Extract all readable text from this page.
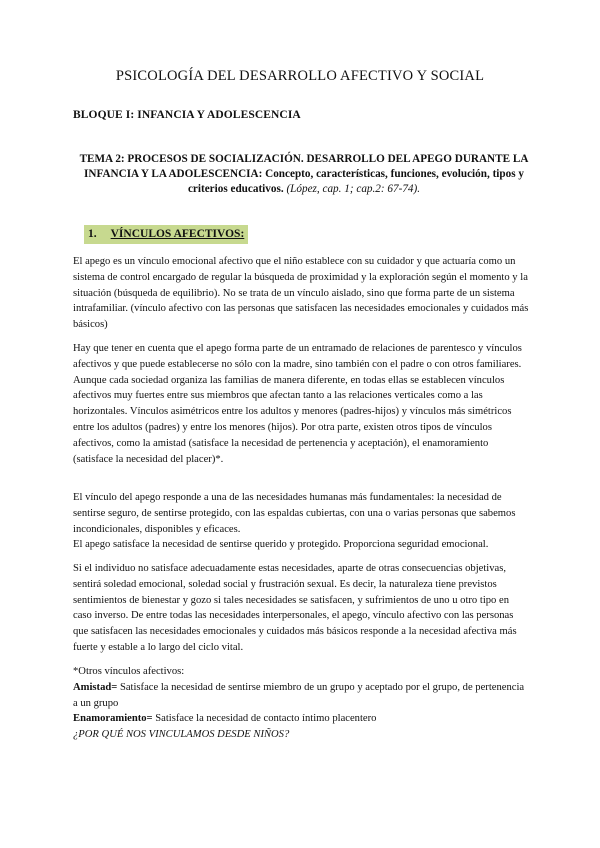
PSICOLOGÍA DEL DESARROLLO AFECTIVO Y SOCIAL
BLOQUE I: INFANCIA Y ADOLESCENCIA
TEMA 2: PROCESOS DE SOCIALIZACIÓN. DESARROLLO DEL APEGO DURANTE LA INFANCIA Y LA ADOLESCENCIA: Concepto, características, funciones, evolución, tipos y criterios educativos. (López, cap. 1; cap.2: 67-74).
1. VÍNCULOS AFECTIVOS:

El apego es un vínculo emocional afectivo que el niño establece con su cuidador y que actuaría como un sistema de control encargado de regular la búsqueda de proximidad y la exploración según el momento y la situación (búsqueda de equilibrio). No se trata de un vínculo aislado, sino que forma parte de un sistema intrafamiliar. (vínculo afectivo con las personas que satisfacen las necesidades emocionales y cuidados más básicos)

Hay que tener en cuenta que el apego forma parte de un entramado de relaciones de parentesco y vínculos afectivos y que puede establecerse no sólo con la madre, sino también con el padre o con otros familiares.

Aunque cada sociedad organiza las familias de manera diferente, en todas ellas se establecen vínculos afectivos muy fuertes entre sus miembros que afectan tanto a las relaciones verticales como a las horizontales. Vínculos asimétricos entre los adultos y menores (padres-hijos) y vínculos más simétricos entre los adultos (padres) y entre los menores (hijos). Por otra parte, existen otros tipos de vínculos afectivos, como la amistad (satisface la necesidad de pertenencia y aceptación), el enamoramiento (satisface la necesidad del placer)*.

El vínculo del apego responde a una de las necesidades humanas más fundamentales: la necesidad de sentirse seguro, de sentirse protegido, con las espaldas cubiertas, con una o varias personas que sabemos incondicionales, disponibles y eficaces.

El apego satisface la necesidad de sentirse querido y protegido. Proporciona seguridad emocional.

Si el individuo no satisface adecuadamente estas necesidades, aparte de otras consecuencias objetivas, sentirá soledad emocional, soledad social y frustración sexual. Es decir, la naturaleza tiene previstos sentimientos de bienestar y gozo si tales necesidades se satisfacen, y sufrimientos de uno u otro tipo en caso inverso. De entre todas las necesidades interpersonales, el apego, vínculo afectivo con las personas que satisfacen las necesidades emocionales y cuidados más básicos responde a la necesidad afectiva más fuerte y estable a lo largo del ciclo vital.

*Otros vínculos afectivos:

Amistad= Satisface la necesidad de sentirse miembro de un grupo y aceptado por el grupo, de pertenencia a un grupo

Enamoramiento= Satisface la necesidad de contacto íntimo placentero

¿POR QUÉ NOS VINCULAMOS DESDE NIÑOS?
